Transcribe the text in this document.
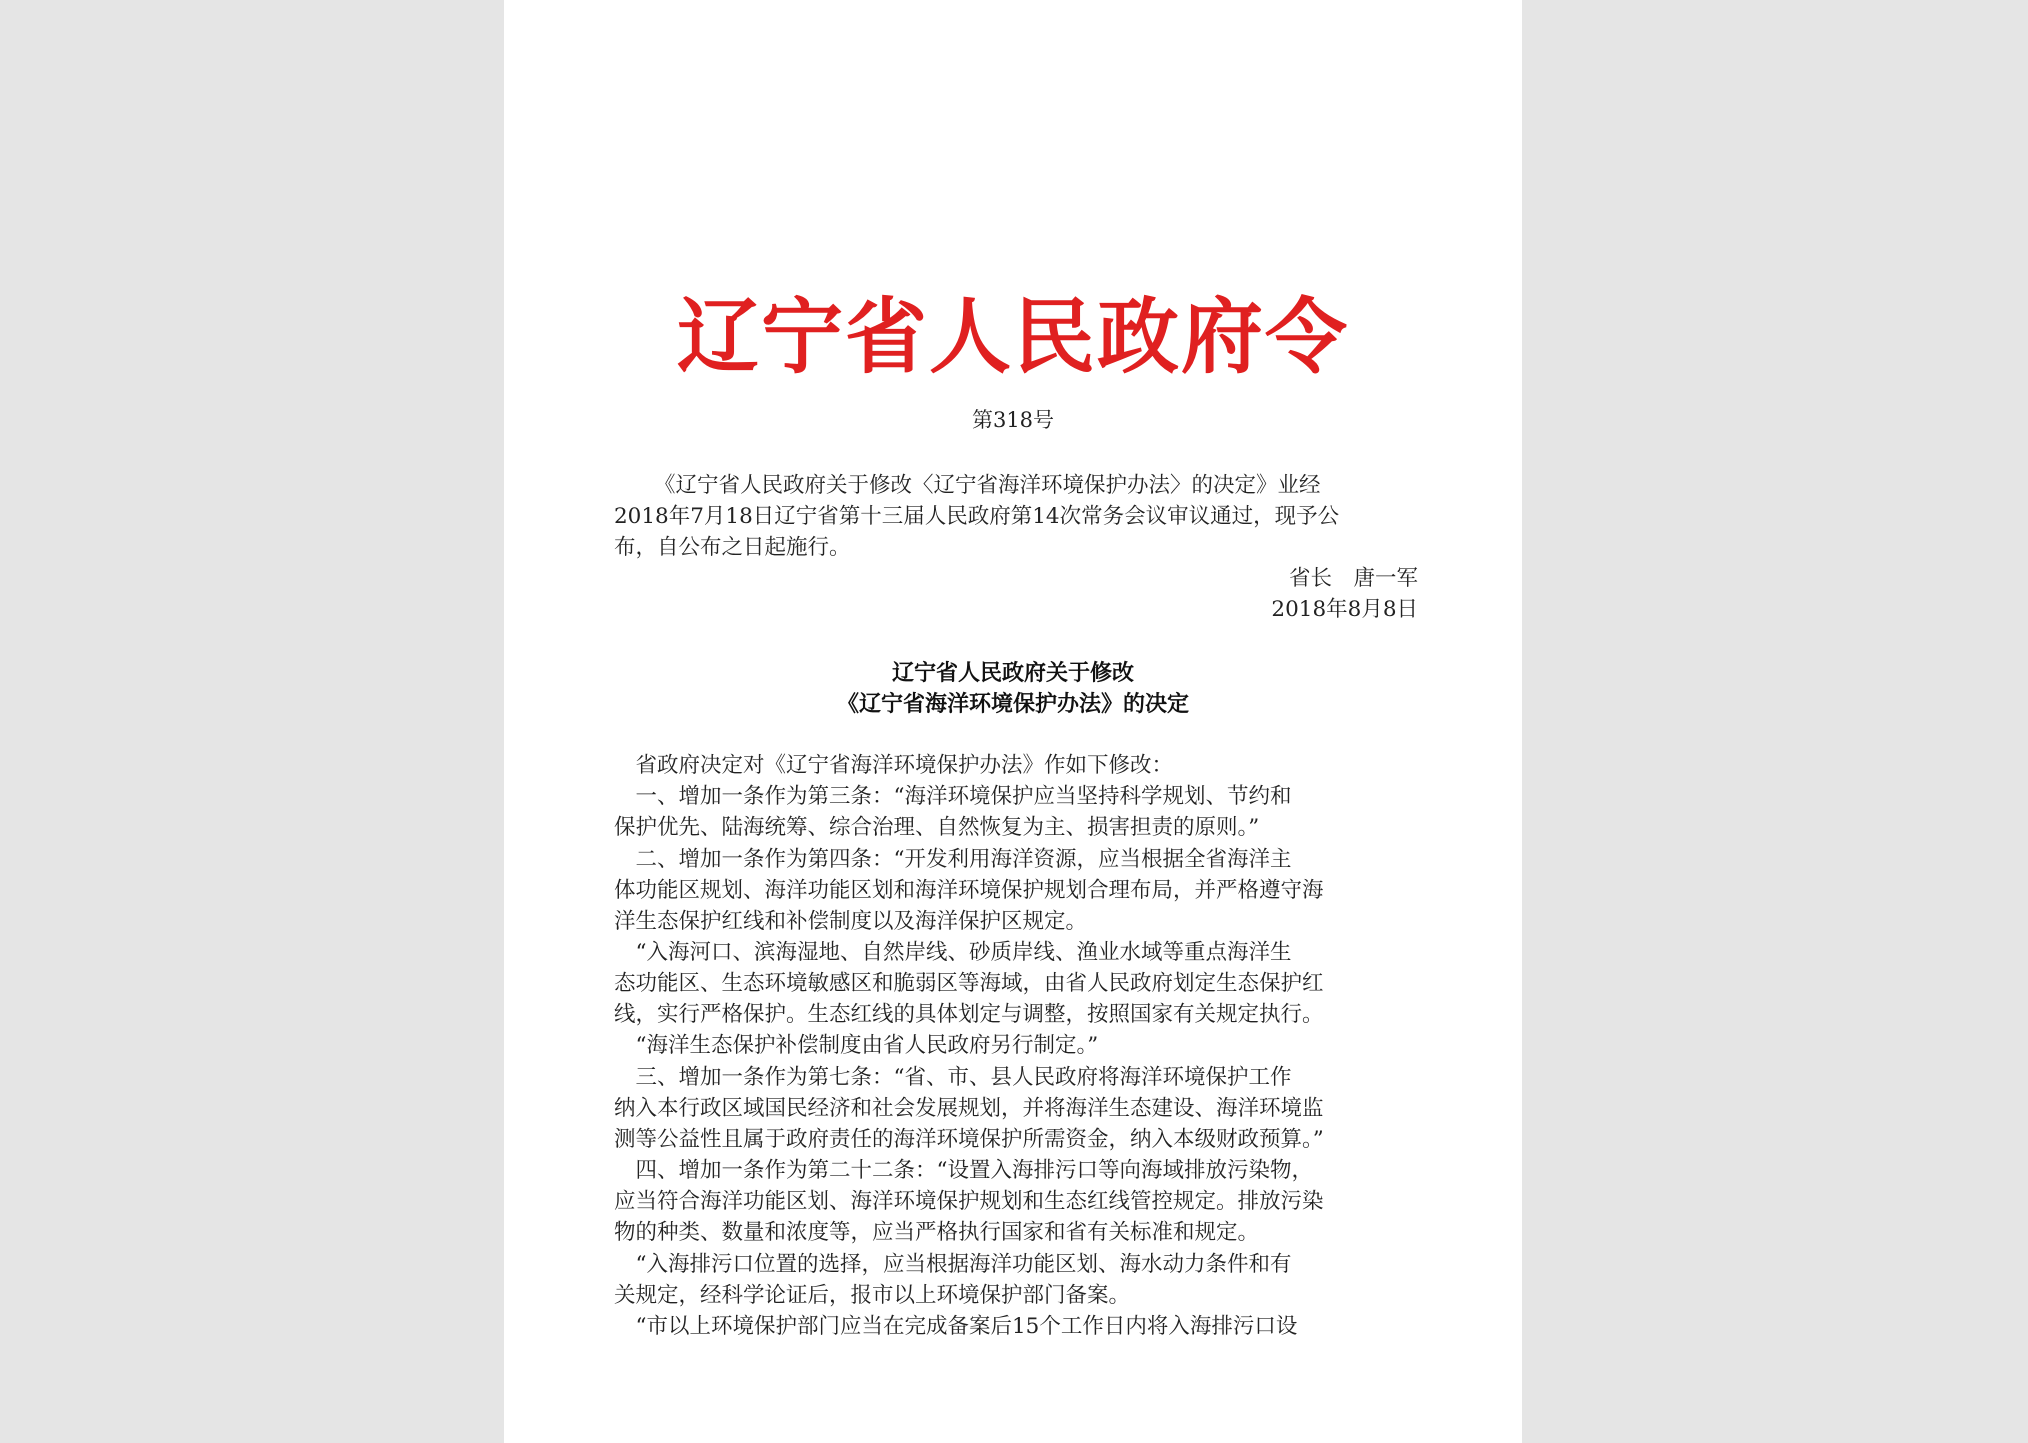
辽宁省人民政府令
第318号
《辽宁省人民政府关于修改〈辽宁省海洋环境保护办法〉的决定》业经
2018年7月18日辽宁省第十三届人民政府第14次常务会议审议通过，现予公
布，自公布之日起施行。
省长　唐一军
2018年8月8日
辽宁省人民政府关于修改
《辽宁省海洋环境保护办法》的决定
　省政府决定对《辽宁省海洋环境保护办法》作如下修改：
　一、增加一条作为第三条：“海洋环境保护应当坚持科学规划、节约和
保护优先、陆海统筹、综合治理、自然恢复为主、损害担责的原则。”
　二、增加一条作为第四条：“开发利用海洋资源，应当根据全省海洋主
体功能区规划、海洋功能区划和海洋环境保护规划合理布局，并严格遵守海
洋生态保护红线和补偿制度以及海洋保护区规定。
　“入海河口、滨海湿地、自然岸线、砂质岸线、渔业水域等重点海洋生
态功能区、生态环境敏感区和脆弱区等海域，由省人民政府划定生态保护红
线，实行严格保护。生态红线的具体划定与调整，按照国家有关规定执行。
　“海洋生态保护补偿制度由省人民政府另行制定。”
　三、增加一条作为第七条：“省、市、县人民政府将海洋环境保护工作
纳入本行政区域国民经济和社会发展规划，并将海洋生态建设、海洋环境监
测等公益性且属于政府责任的海洋环境保护所需资金，纳入本级财政预算。”
　四、增加一条作为第二十二条：“设置入海排污口等向海域排放污染物，
应当符合海洋功能区划、海洋环境保护规划和生态红线管控规定。排放污染
物的种类、数量和浓度等，应当严格执行国家和省有关标准和规定。
　“入海排污口位置的选择，应当根据海洋功能区划、海水动力条件和有
关规定，经科学论证后，报市以上环境保护部门备案。
　“市以上环境保护部门应当在完成备案后15个工作日内将入海排污口设
